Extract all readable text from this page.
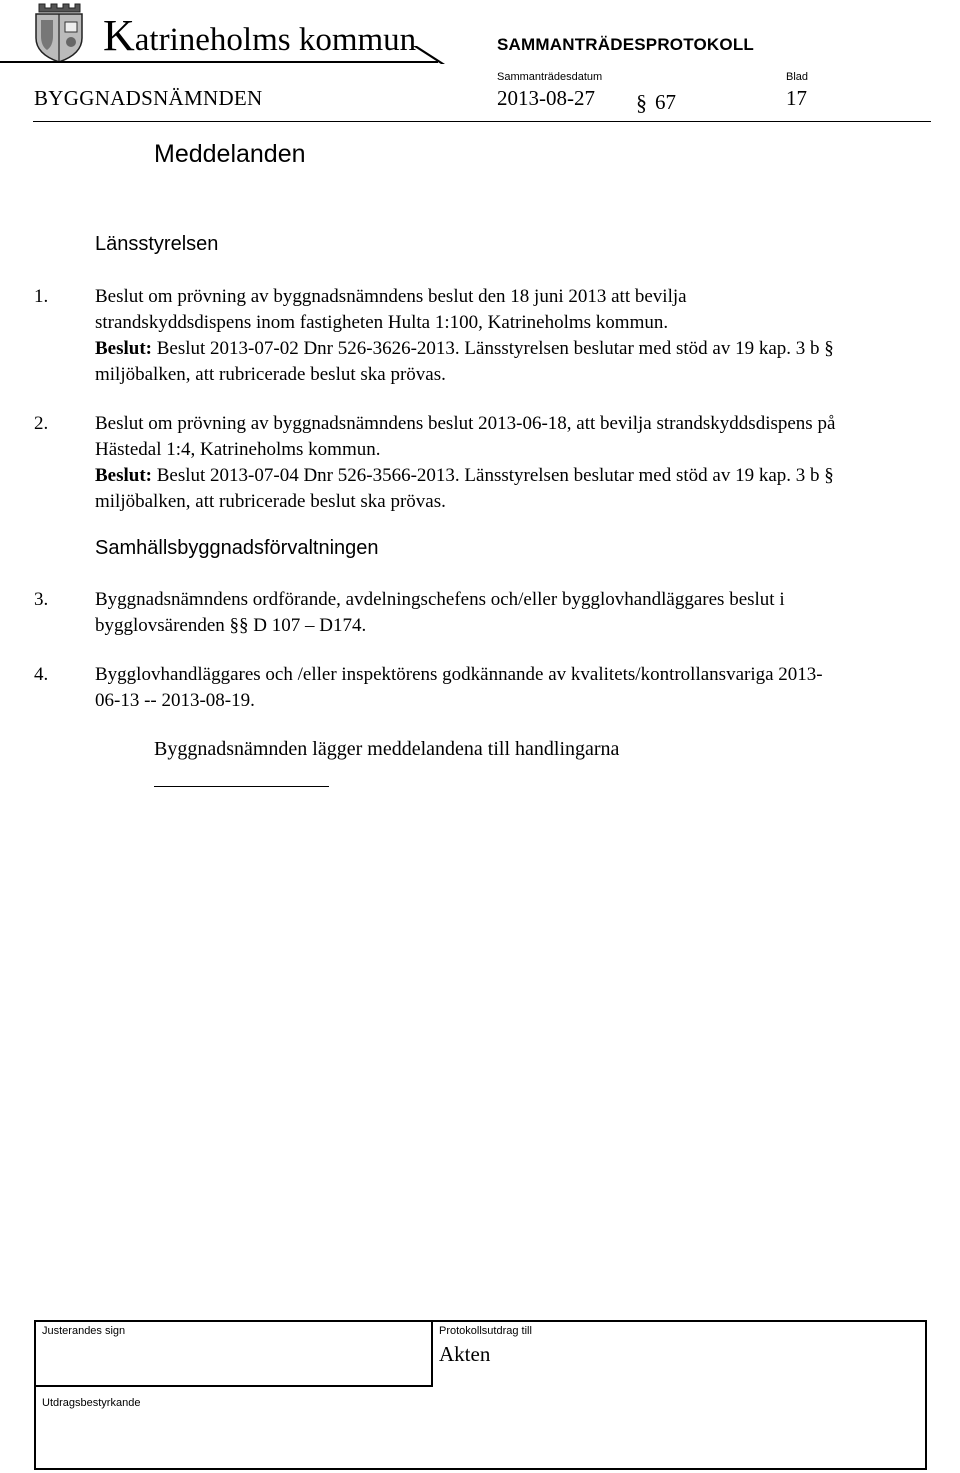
Katrineholms kommun	SAMMANTRÄDESPROTOKOLL
Sammanträdesdatum	Blad
BYGGNADSNÄMNDEN	2013-08-27 § 67	17
Meddelanden
Länsstyrelsen
1. Beslut om prövning av byggnadsnämndens beslut den 18 juni 2013 att bevilja
strandskyddsdispens inom fastigheten Hulta 1:100, Katrineholms kommun.
Beslut: Beslut 2013-07-02 Dnr 526-3626-2013. Länsstyrelsen beslutar med stöd av 19 kap. 3 b §
miljöbalken, att rubricerade beslut ska prövas.
2. Beslut om prövning av byggnadsnämndens beslut 2013-06-18, att bevilja strandskyddsdispens på
Hästedal 1:4, Katrineholms kommun.
Beslut: Beslut 2013-07-04 Dnr 526-3566-2013. Länsstyrelsen beslutar med stöd av 19 kap. 3 b §
miljöbalken, att rubricerade beslut ska prövas.
Samhällsbyggnadsförvaltningen
3. Byggnadsnämndens ordförande, avdelningschefens och/eller bygglovhandläggares beslut i
bygglovsärenden §§ D 107 – D174.
4. Bygglovhandläggares och /eller inspektörens godkännande av kvalitets/kontrollansvariga 2013-
06-13 -- 2013-08-19.
Byggnadsnämnden lägger meddelandena till handlingarna
Justerandes sign	Protokollsutdrag till
Akten
Utdragsbestyrkande
